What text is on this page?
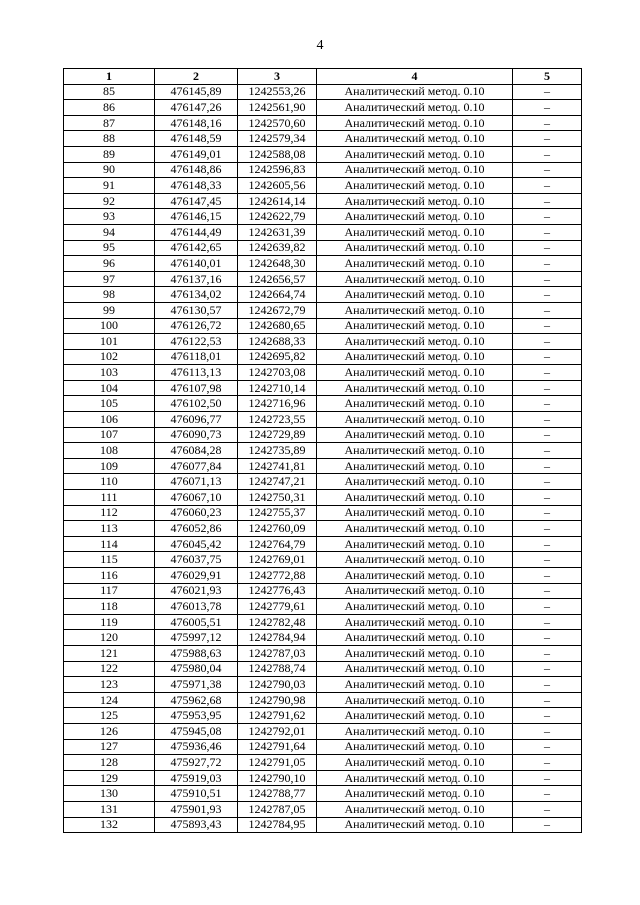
4
1	2	3	4	5
85	476145,89	1242553,26	Аналитический метод. 0.10	–
86	476147,26	1242561,90	Аналитический метод. 0.10	–
87	476148,16	1242570,60	Аналитический метод. 0.10	–
88	476148,59	1242579,34	Аналитический метод. 0.10	–
89	476149,01	1242588,08	Аналитический метод. 0.10	–
90	476148,86	1242596,83	Аналитический метод. 0.10	–
91	476148,33	1242605,56	Аналитический метод. 0.10	–
92	476147,45	1242614,14	Аналитический метод. 0.10	–
93	476146,15	1242622,79	Аналитический метод. 0.10	–
94	476144,49	1242631,39	Аналитический метод. 0.10	–
95	476142,65	1242639,82	Аналитический метод. 0.10	–
96	476140,01	1242648,30	Аналитический метод. 0.10	–
97	476137,16	1242656,57	Аналитический метод. 0.10	–
98	476134,02	1242664,74	Аналитический метод. 0.10	–
99	476130,57	1242672,79	Аналитический метод. 0.10	–
100	476126,72	1242680,65	Аналитический метод. 0.10	–
101	476122,53	1242688,33	Аналитический метод. 0.10	–
102	476118,01	1242695,82	Аналитический метод. 0.10	–
103	476113,13	1242703,08	Аналитический метод. 0.10	–
104	476107,98	1242710,14	Аналитический метод. 0.10	–
105	476102,50	1242716,96	Аналитический метод. 0.10	–
106	476096,77	1242723,55	Аналитический метод. 0.10	–
107	476090,73	1242729,89	Аналитический метод. 0.10	–
108	476084,28	1242735,89	Аналитический метод. 0.10	–
109	476077,84	1242741,81	Аналитический метод. 0.10	–
110	476071,13	1242747,21	Аналитический метод. 0.10	–
111	476067,10	1242750,31	Аналитический метод. 0.10	–
112	476060,23	1242755,37	Аналитический метод. 0.10	–
113	476052,86	1242760,09	Аналитический метод. 0.10	–
114	476045,42	1242764,79	Аналитический метод. 0.10	–
115	476037,75	1242769,01	Аналитический метод. 0.10	–
116	476029,91	1242772,88	Аналитический метод. 0.10	–
117	476021,93	1242776,43	Аналитический метод. 0.10	–
118	476013,78	1242779,61	Аналитический метод. 0.10	–
119	476005,51	1242782,48	Аналитический метод. 0.10	–
120	475997,12	1242784,94	Аналитический метод. 0.10	–
121	475988,63	1242787,03	Аналитический метод. 0.10	–
122	475980,04	1242788,74	Аналитический метод. 0.10	–
123	475971,38	1242790,03	Аналитический метод. 0.10	–
124	475962,68	1242790,98	Аналитический метод. 0.10	–
125	475953,95	1242791,62	Аналитический метод. 0.10	–
126	475945,08	1242792,01	Аналитический метод. 0.10	–
127	475936,46	1242791,64	Аналитический метод. 0.10	–
128	475927,72	1242791,05	Аналитический метод. 0.10	–
129	475919,03	1242790,10	Аналитический метод. 0.10	–
130	475910,51	1242788,77	Аналитический метод. 0.10	–
131	475901,93	1242787,05	Аналитический метод. 0.10	–
132	475893,43	1242784,95	Аналитический метод. 0.10	–
